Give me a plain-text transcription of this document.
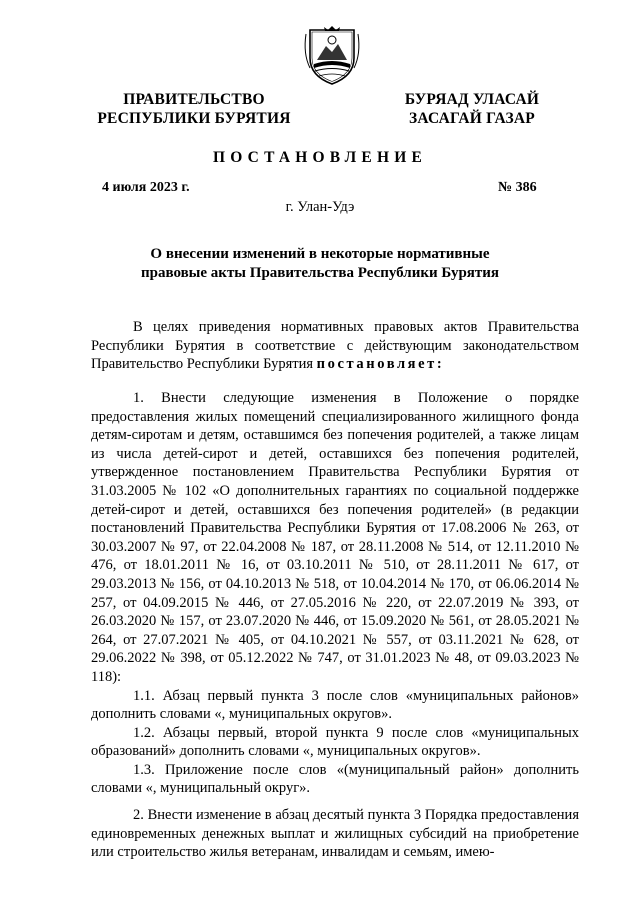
ПРАВИТЕЛЬСТВО
РЕСПУБЛИКИ БУРЯТИЯ
БУРЯАД УЛАСАЙ
ЗАСАГАЙ ГАЗАР
ПОСТАНОВЛЕНИЕ
4 июля 2023 г.	№ 386
г. Улан-Удэ
О внесении изменений в некоторые нормативные
правовые акты Правительства Республики Бурятия

В целях приведения нормативных правовых актов Правительства Республики Бурятия в соответствие с действующим законодательством Правительство Республики Бурятия постановляет:

1. Внести следующие изменения в Положение о порядке предоставления жилых помещений специализированного жилищного фонда детям-сиротам и детям, оставшимся без попечения родителей, а также лицам из числа детей-сирот и детей, оставшихся без попечения родителей, утвержденное постановлением Правительства Республики Бурятия от 31.03.2005 № 102 «О дополнительных гарантиях по социальной поддержке детей-сирот и детей, оставшихся без попечения родителей» (в редакции постановлений Правительства Республики Бурятия от 17.08.2006 № 263, от 30.03.2007 № 97, от 22.04.2008 № 187, от 28.11.2008 № 514, от 12.11.2010 № 476, от 18.01.2011 № 16, от 03.10.2011 № 510, от 28.11.2011 № 617, от 29.03.2013 № 156, от 04.10.2013 № 518, от 10.04.2014 № 170, от 06.06.2014 № 257, от 04.09.2015 № 446, от 27.05.2016 № 220, от 22.07.2019 № 393, от 26.03.2020 № 157, от 23.07.2020 № 446, от 15.09.2020 № 561, от 28.05.2021 № 264, от 27.07.2021 № 405, от 04.10.2021 № 557, от 03.11.2021 № 628, от 29.06.2022 № 398, от 05.12.2022 № 747, от 31.01.2023 № 48, от 09.03.2023 № 118):

1.1. Абзац первый пункта 3 после слов «муниципальных районов» дополнить словами «, муниципальных округов».

1.2. Абзацы первый, второй пункта 9 после слов «муниципальных образований» дополнить словами «, муниципальных округов».

1.3. Приложение после слов «(муниципальный район» дополнить словами «, муниципальный округ».

2. Внести изменение в абзац десятый пункта 3 Порядка предоставления единовременных денежных выплат и жилищных субсидий на приобретение или строительство жилья ветеранам, инвалидам и семьям, имею-
